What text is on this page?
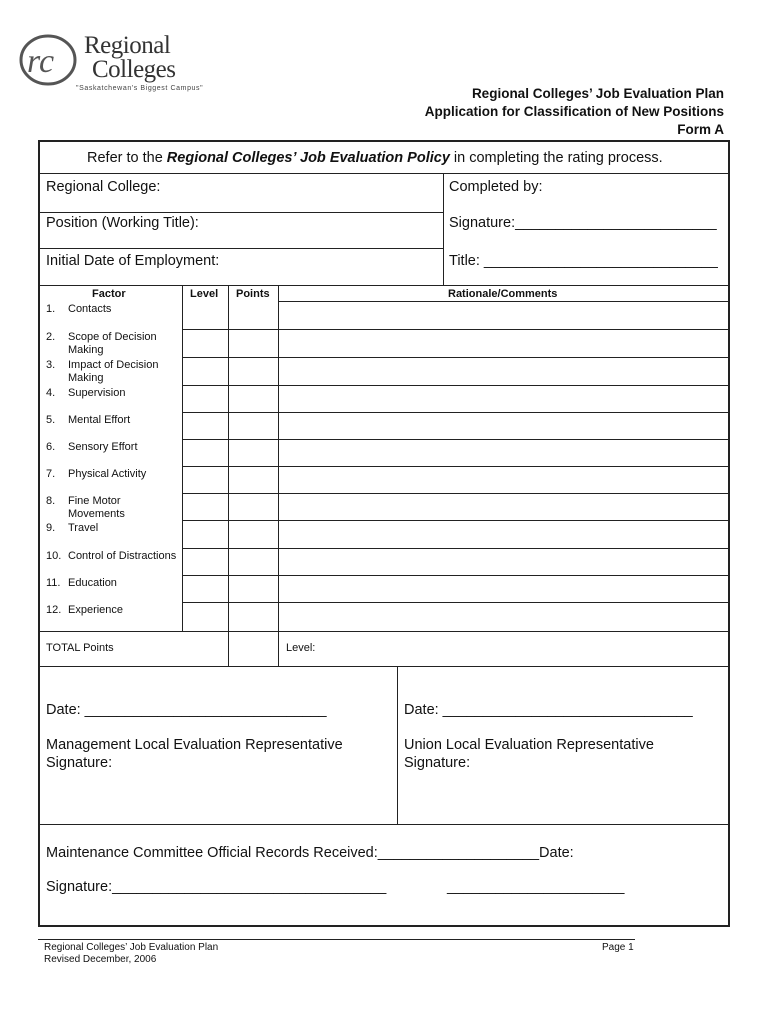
rc Regional
Colleges
"Saskatchewan's Biggest Campus"	Regional Colleges’ Job Evaluation Plan
Application for Classification of New Positions
Form A
Refer to the Regional Colleges’ Job Evaluation Policy in completing the rating process.
Regional College:	Completed by:
Position (Working Title):	Signature:_________________________
Initial Date of Employment:	Title: _____________________________
Factor	Level Points	Rationale/Comments
1.	Contacts
2.	Scope of Decision Making
3.	Impact of Decision Making
4.	Supervision
5.	Mental Effort
6.	Sensory Effort
7.	Physical Activity
8.	Fine Motor Movements
9.	Travel
10. Control of Distractions
11. Education
12. Experience
TOTAL Points	Level:
Date: ______________________________
Management Local Evaluation Representative
Signature:
Date: _______________________________
Union Local Evaluation Representative
Signature:
Maintenance Committee Official Records Received:____________________Date:
Signature:__________________________________	______________________
Regional Colleges’ Job Evaluation Plan
Revised December, 2006
Page 1
